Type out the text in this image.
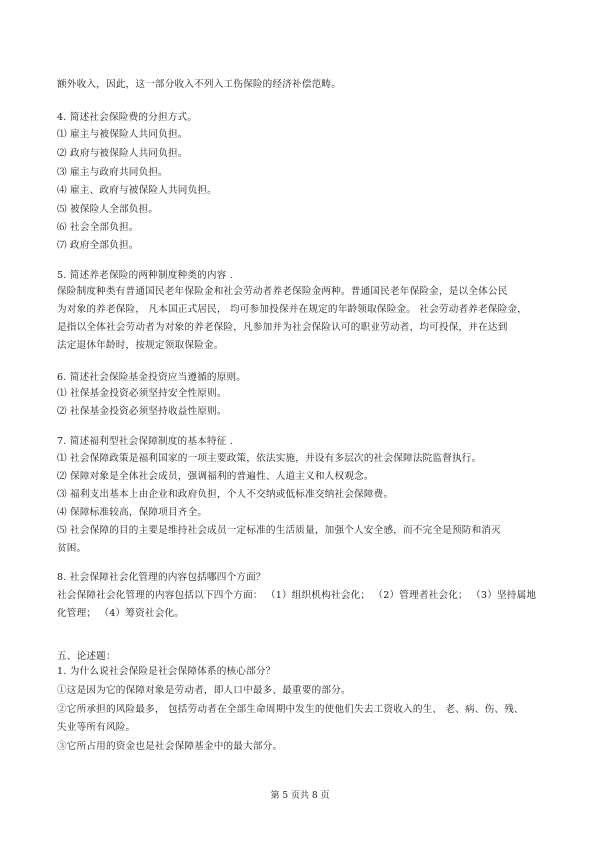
额外收入，因此，这一部分收入不列入工伤保险的经济补偿范畴。
4. 简述社会保险费的分担方式。
⑴ 雇主与被保险人共同负担。
⑵ 政府与被保险人共同负担。
⑶ 雇主与政府共同负担。
⑷ 雇主、政府与被保险人共同负担。
⑸ 被保险人全部负担。
⑹ 社会全部负担。
⑺ 政府全部负担。
5. 简述养老保险的两种制度种类的内容 .
保险制度种类有普通国民老年保险金和社会劳动者养老保险金两种。普通国民老年保险金，是以全体公民
为对象的养老保险， 凡本国正式居民， 均可参加投保并在规定的年龄领取保险金。 社会劳动者养老保险金，
是指以全体社会劳动者为对象的养老保险，凡参加并为社会保险认可的职业劳动者，均可投保，并在达到
法定退休年龄时，按规定领取保险金。
6. 简述社会保险基金投资应当遵循的原则。
⑴ 社保基金投资必须坚持安全性原则。
⑵ 社保基金投资必须坚持收益性原则。
7. 简述福利型社会保障制度的基本特征 .
⑴ 社会保障政策是福利国家的一项主要政策，依法实施，并设有多层次的社会保障法院监督执行。
⑵ 保障对象是全体社会成员，强调福利的普遍性、人道主义和人权观念。
⑶ 福利支出基本上由企业和政府负担，个人不交纳或低标准交纳社会保障费。
⑷ 保障标准较高，保障项目齐全。
⑸ 社会保障的目的主要是维持社会成员一定标准的生活质量，加强个人安全感，而不完全是预防和消灭
贫困。
8. 社会保障社会化管理的内容包括哪四个方面？
社会保障社会化管理的内容包括以下四个方面： （1）组织机构社会化； （2）管理者社会化； （3）坚持属地
化管理； （4）筹资社会化。
五、论述题：
1. 为什么说社会保险是社会保障体系的核心部分？
①这是因为它的保障对象是劳动者，即人口中最多、最重要的部分。
②它所承担的风险最多， 包括劳动者在全部生命周期中发生的使他们失去工资收入的生、 老、病、伤、残、
失业等所有风险。
③它所占用的资金也是社会保障基金中的最大部分。
第 5 页共 8 页
